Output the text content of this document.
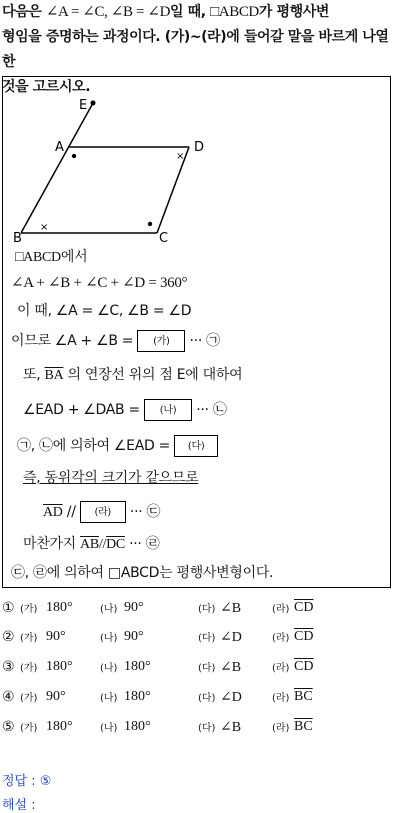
다음은 ∠A = ∠C, ∠B = ∠D일 때, □ABCD가 평행사변
형임을 증명하는 과정이다. (가)~(라)에 들어갈 말을 바르게 나열한
것을 고르시오.
E
A	D
B	C
×
×
□ABCD에서
∠A + ∠B + ∠C + ∠D = 360°
이 때, ∠A = ∠C, ∠B = ∠D
이므로 ∠A + ∠B = (가) ··· ㉠
또, $\overline{BA}$ 의 연장선 위의 점 E에 대하여
∠EAD + ∠DAB = (나) ··· ㉡
㉠, ㉡에 의하여 ∠EAD = (다)
즉, 동위각의 크기가 같으므로
$\overline{AD}$ // (라) ··· ㉢
마찬가지 $\overline{AB}//\overline{DC}$ ··· ㉣
㉢, ㉣에 의하여 □ABCD는 평행사변형이다.
① (가) 180°	(나) 90°	(다) ∠B	(라) $\overline{CD}$
② (가) 90°	(나) 90°	(다) ∠D	(라) $\overline{CD}$
③ (가) 180°	(나) 180°	(다) ∠B	(라) $\overline{CD}$
④ (가) 90°	(나) 180°	(다) ∠D	(라) $\overline{BC}$
⑤ (가) 180°	(나) 180°	(다) ∠B	(라) $\overline{BC}$
정답 : ⑤
해설 :
